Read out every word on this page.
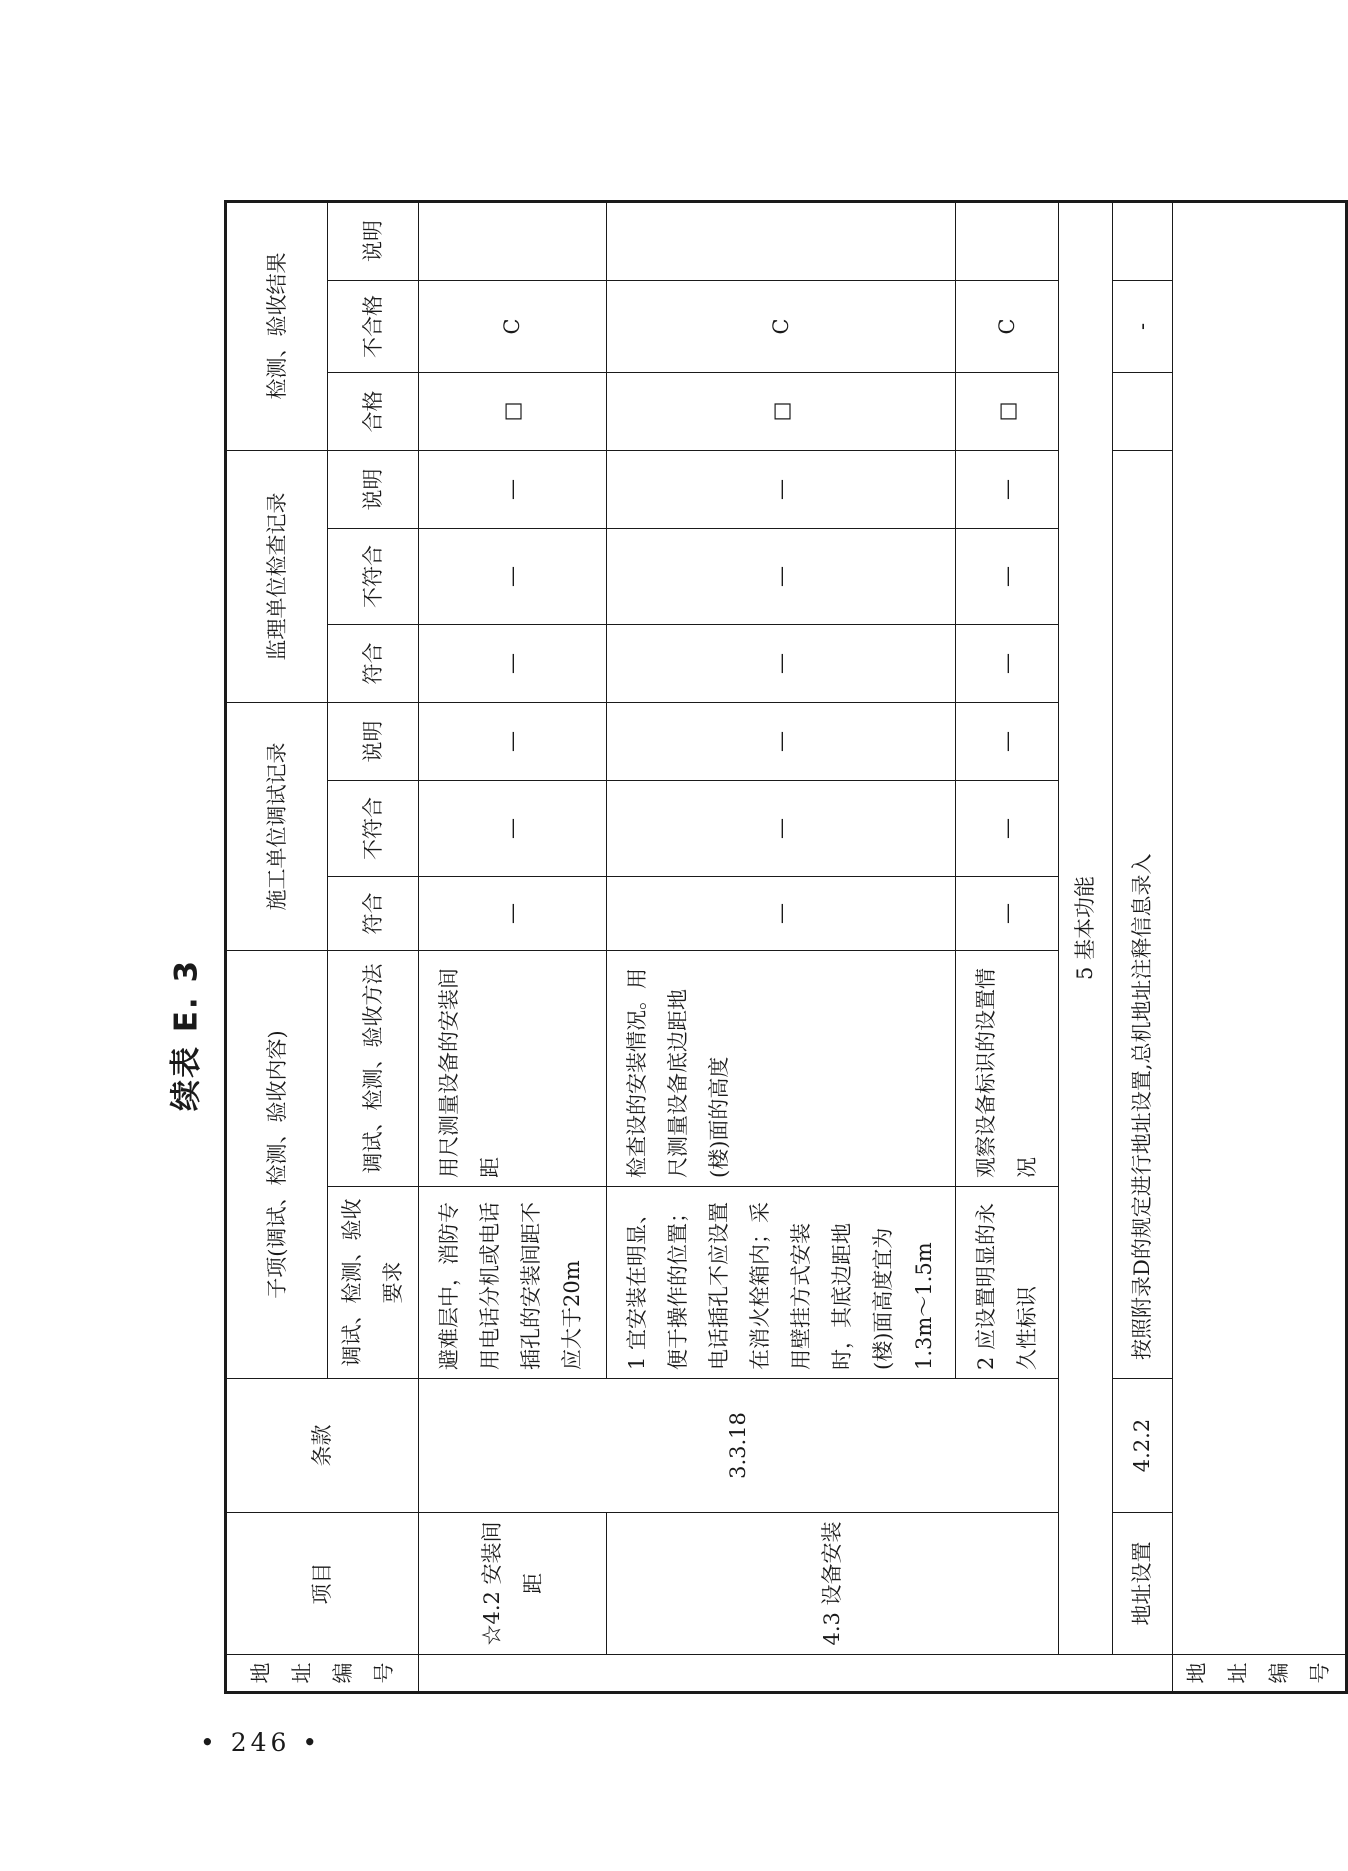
• 246 •
续表 E. 3
地址编号	项目	条款	子项(调试、检测、验收内容)		施工单位调试记录			监理单位检查记录			检测、验收结果			
			调试、检测、验收要求	调试、检测、验收方法	符合	不符合	说明	符合	不符合	说明	合格	不合格	说明	
	☆4.2 安装间距	3.3.18	避难层中，消防专用电话分机或电话插孔的安装间距不应大于20m	用尺测量设备的安装间距	—	—	—	—	—	—	□	C		
	4.3 设备安装		1 宜安装在明显、便于操作的位置；电话插孔不应设置在消火栓箱内；采用壁挂方式安装时，其底边距地(楼)面高度宜为1.3m～1.5m	检查设的安装情况。用尺测量设备底边距地(楼)面的高度	—	—	—	—	—	—	□	C		
			2 应设置明显的永久性标识	观察设备标识的设置情况	—	—	—	—	—	—	□	C		
	5 基本功能													
	地址设置	4.2.2	按照附录D的规定进行地址设置,总机地址注释信息录入									-		
地址编号														
